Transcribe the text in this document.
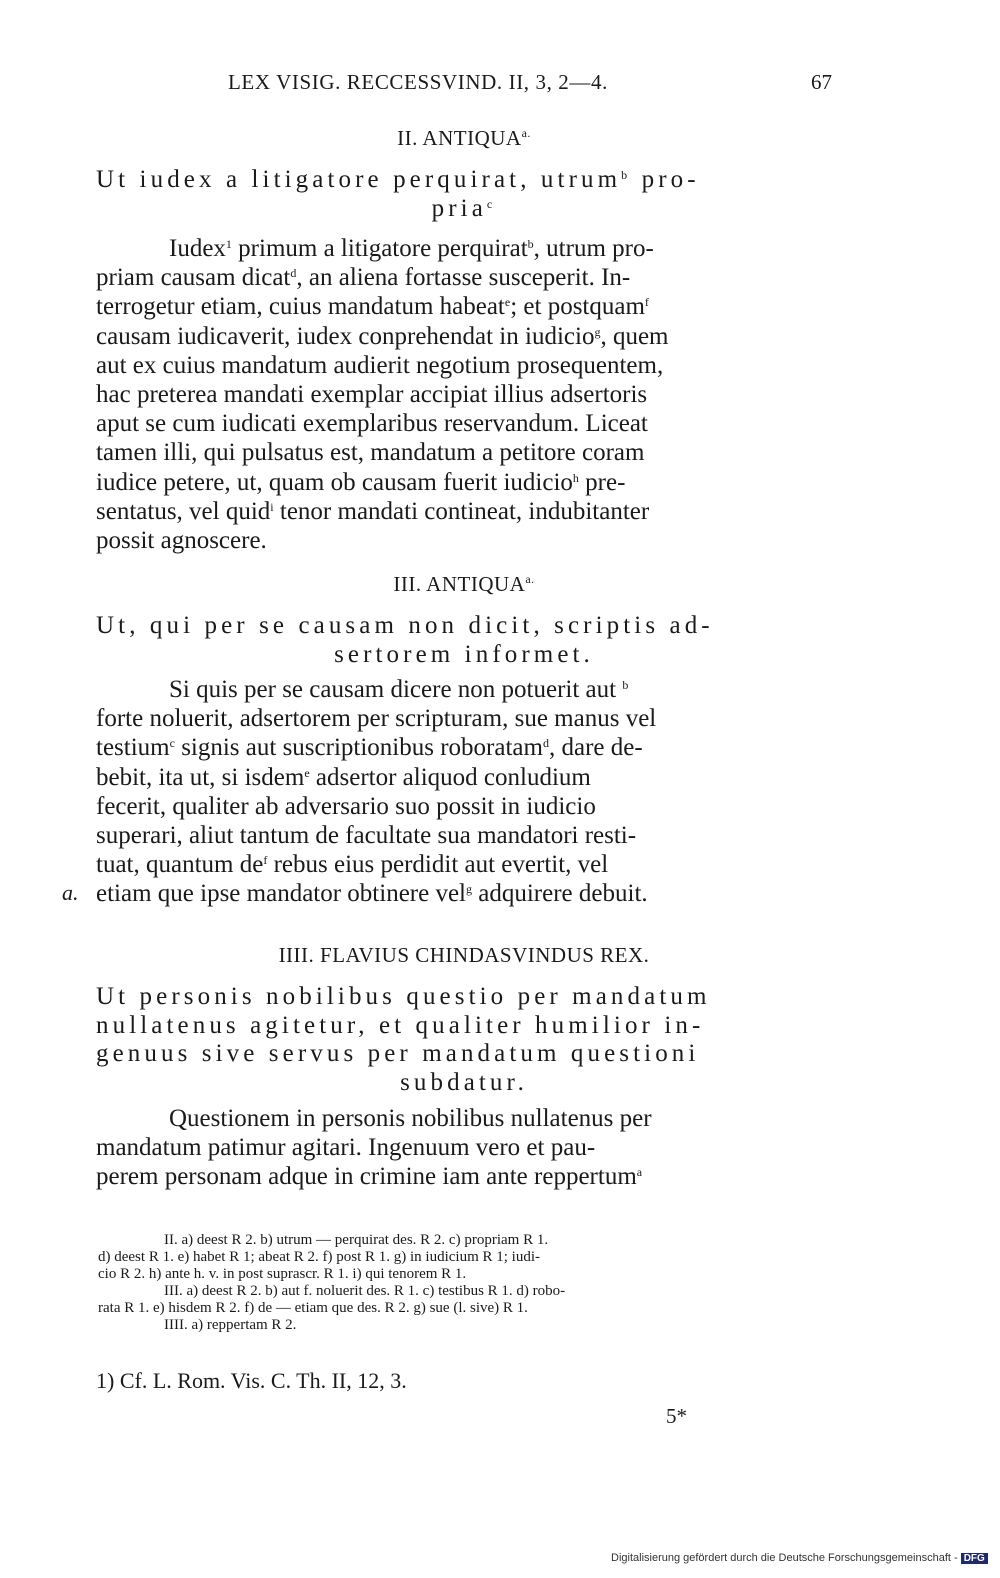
LEX VISIG. RECCESSVIND. II, 3, 2—4.	67
II. $ANTIQUA^{a.}$
Ut iudex a litigatore perquirat, utrum$^b$ pro-
pria$^c$
Iudex$^1$ primum a litigatore perquirat$^b$, utrum pro-
priam causam dicat$^d$, an aliena fortasse susceperit. In-
terrogetur etiam, cuius mandatum habeat$^e$; et postquam$^f$
causam iudicaverit, iudex conprehendat in iudicio$^g$, quem
aut ex cuius mandatum audierit negotium prosequentem,
hac preterea mandati exemplar accipiat illius adsertoris
aput se cum iudicati exemplaribus reservandum. Liceat
tamen illi, qui pulsatus est, mandatum a petitore coram
iudice petere, ut, quam ob causam fuerit iudicio$^h$ pre-
sentatus, vel quid$^i$ tenor mandati contineat, indubitanter
possit agnoscere.
III. $ANTIQUA^{a.}$
Ut, qui per se causam non dicit, scriptis ad-
sertorem informet.
Si quis per se causam dicere non potuerit aut $^b$
forte noluerit, adsertorem per scripturam, sue manus vel
testium$^c$ signis aut suscriptionibus roboratam$^d$, dare de-
bebit, ita ut, si isdem$^e$ adsertor aliquod conludium
fecerit, qualiter ab adversario suo possit in iudicio
superari, aliut tantum de facultate sua mandatori resti-
tuat, quantum $de^f$ rebus eius perdidit aut evertit, vel
etiam que ipse mandator obtinere vel$^g$ adquirere debuit.
a.
IIII. FLAVIUS CHINDASVINDUS REX.
Ut personis nobilibus questio per mandatum
nullatenus agitetur, et qualiter humilior in-
genuus sive servus per mandatum questioni
subdatur.
Questionem in personis nobilibus nullatenus per
mandatum patimur agitari. Ingenuum vero et pau-
perem personam adque in crimine iam ante reppertum$^a$
II. a) deest R 2. b) utrum — perquirat des. R 2. c) propriam R 1.
d) deest R 1. e) habet R 1; abeat R 2. f) post R 1. g) in iudicium R 1; iudi-
cio R 2. h) ante h. v. in post suprascr. R 1. i) qui tenorem R 1.
III. a) deest R 2. b) aut f. noluerit des. R 1. c) testibus R 1. d) robo-
rata R 1. e) hisdem R 2. f) de — etiam que des. R 2. g) sue (l. sive) R 1.
IIII. a) reppertam R 2.
1) Cf. L. Rom. Vis. C. Th. II, 12, 3.
5*
Digitalisierung gefördert durch die Deutsche Forschungsgemeinschaft - DFG
